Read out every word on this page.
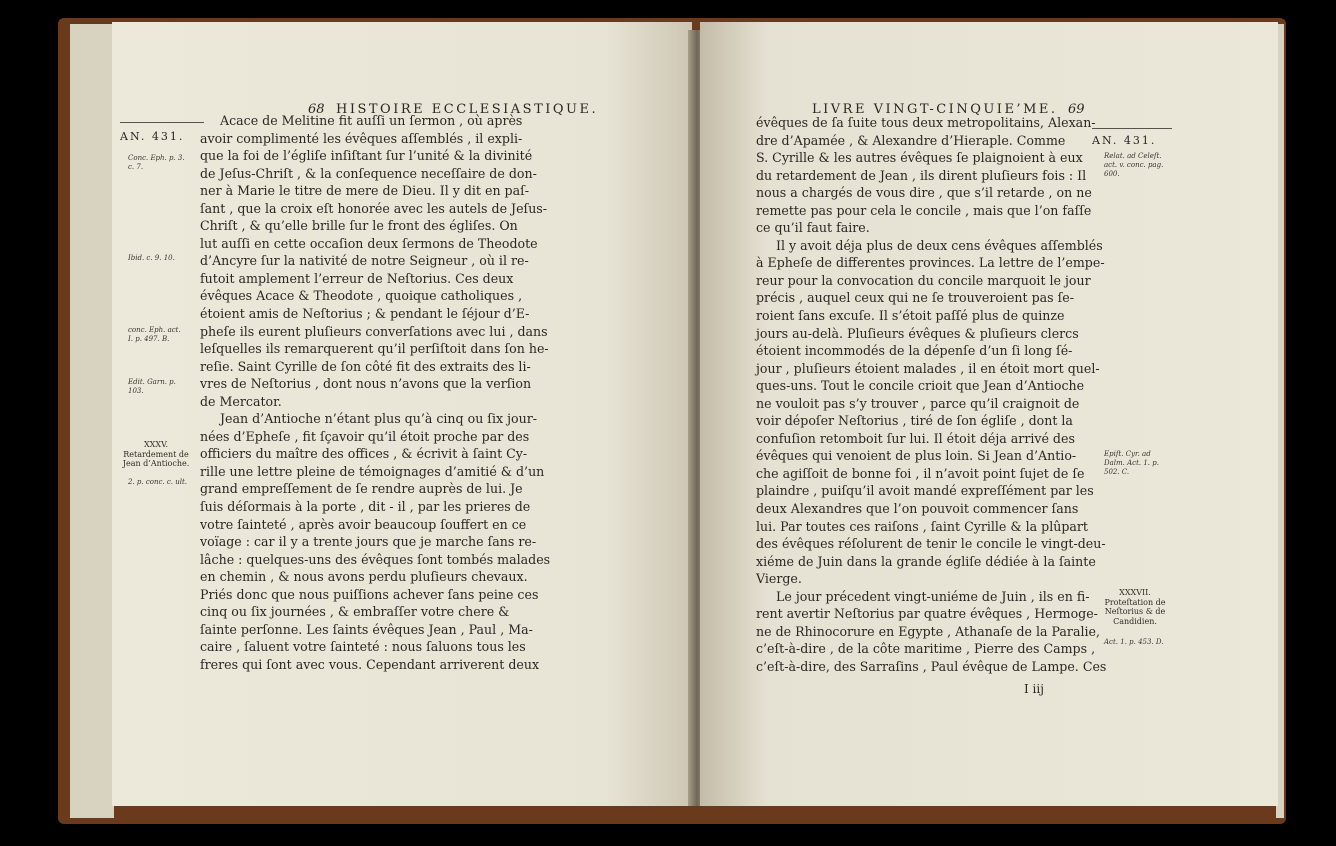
68 HISTOIRE ECCLESIASTIQUE.
AN. 431.
Conc. Eph. p. 3.
c. 7.
Ibid. c. 9. 10.
conc. Eph. act.
I. p. 497. B.
Edit. Garn. p.
103.
XXXV.
Retardement de
Jean d’Antioche.
2. p. conc. c. ult.
Acace de Melitine fit auſſi un ſermon , où après
avoir complimenté les évêques aſſemblés , il expli-
que la foi de l’égliſe inſiſtant ſur l’unité & la divinité
de Jeſus-Chriſt , & la conſequence neceſſaire de don-
ner à Marie le titre de mere de Dieu. Il y dit en paſ-
ſant , que la croix eſt honorée avec les autels de Jeſus-
Chriſt , & qu’elle brille ſur le front des égliſes. On
lut auſſi en cette occaſion deux ſermons de Theodote
d’Ancyre ſur la nativité de notre Seigneur , où il re-
futoit amplement l’erreur de Neſtorius. Ces deux
évêques Acace & Theodote , quoique catholiques ,
étoient amis de Neſtorius ; & pendant le ſéjour d’E-
pheſe ils eurent pluſieurs converſations avec lui , dans
leſquelles ils remarquerent qu’il perſiſtoit dans ſon he-
reſie. Saint Cyrille de ſon côté fit des extraits des li-
vres de Neſtorius , dont nous n’avons que la verſion
de Mercator.
Jean d’Antioche n’étant plus qu’à cinq ou ſix jour-
nées d’Epheſe , fit ſçavoir qu’il étoit proche par des
officiers du maître des offices , & écrivit à ſaint Cy-
rille une lettre pleine de témoignages d’amitié & d’un
grand empreſſement de ſe rendre auprès de lui. Je
ſuis déſormais à la porte , dit - il , par les prieres de
votre ſainteté , après avoir beaucoup ſouffert en ce
voïage : car il y a trente jours que je marche ſans re-
lâche : quelques-uns des évêques ſont tombés malades
en chemin , & nous avons perdu pluſieurs chevaux.
Priés donc que nous puiſſions achever ſans peine ces
cinq ou ſix journées , & embraſſer votre chere &
ſainte perſonne. Les ſaints évêques Jean , Paul , Ma-
caire , ſaluent votre ſainteté : nous ſaluons tous les
freres qui ſont avec vous. Cependant arriverent deux
LIVRE VINGT-CINQUIE’ME. 69
AN. 431.
Relat. ad Celeſt.
act. v. conc. pag.
600.
Epiſt. Cyr. ad
Dalm. Act. 1. p.
502. C.
XXXVII.
Proteſtation de
Neſtorius & de
Candidien.
Act. 1. p. 453. D.
évêques de ſa ſuite tous deux metropolitains, Alexan-
dre d’Apamée , & Alexandre d’Hieraple. Comme
S. Cyrille & les autres évêques ſe plaignoient à eux
du retardement de Jean , ils dirent pluſieurs fois : Il
nous a chargés de vous dire , que s’il retarde , on ne
remette pas pour cela le concile , mais que l’on faſſe
ce qu’il faut faire.
Il y avoit déja plus de deux cens évêques aſſemblés
à Epheſe de differentes provinces. La lettre de l’empe-
reur pour la convocation du concile marquoit le jour
précis , auquel ceux qui ne ſe trouveroient pas ſe-
roient ſans excuſe. Il s’étoit paſſé plus de quinze
jours au-delà. Pluſieurs évêques & pluſieurs clercs
étoient incommodés de la dépenſe d’un ſi long ſé-
jour , pluſieurs étoient malades , il en étoit mort quel-
ques-uns. Tout le concile crioit que Jean d’Antioche
ne vouloit pas s’y trouver , parce qu’il craignoit de
voir dépoſer Neſtorius , tiré de ſon égliſe , dont la
confuſion retomboit ſur lui. Il étoit déja arrivé des
évêques qui venoient de plus loin. Si Jean d’Antio-
che agiſſoit de bonne foi , il n’avoit point ſujet de ſe
plaindre , puiſqu’il avoit mandé expreſſément par les
deux Alexandres que l’on pouvoit commencer ſans
lui. Par toutes ces raiſons , ſaint Cyrille & la plûpart
des évêques réſolurent de tenir le concile le vingt-deu-
xiéme de Juin dans la grande égliſe dédiée à la ſainte
Vierge.
Le jour précedent vingt-uniéme de Juin , ils en fi-
rent avertir Neſtorius par quatre évêques , Hermoge-
ne de Rhinocorure en Egypte , Athanaſe de la Paralie,
c’eſt-à-dire , de la côte maritime , Pierre des Camps ,
c’eſt-à-dire, des Sarraſins , Paul évêque de Lampe. Ces
I iij
